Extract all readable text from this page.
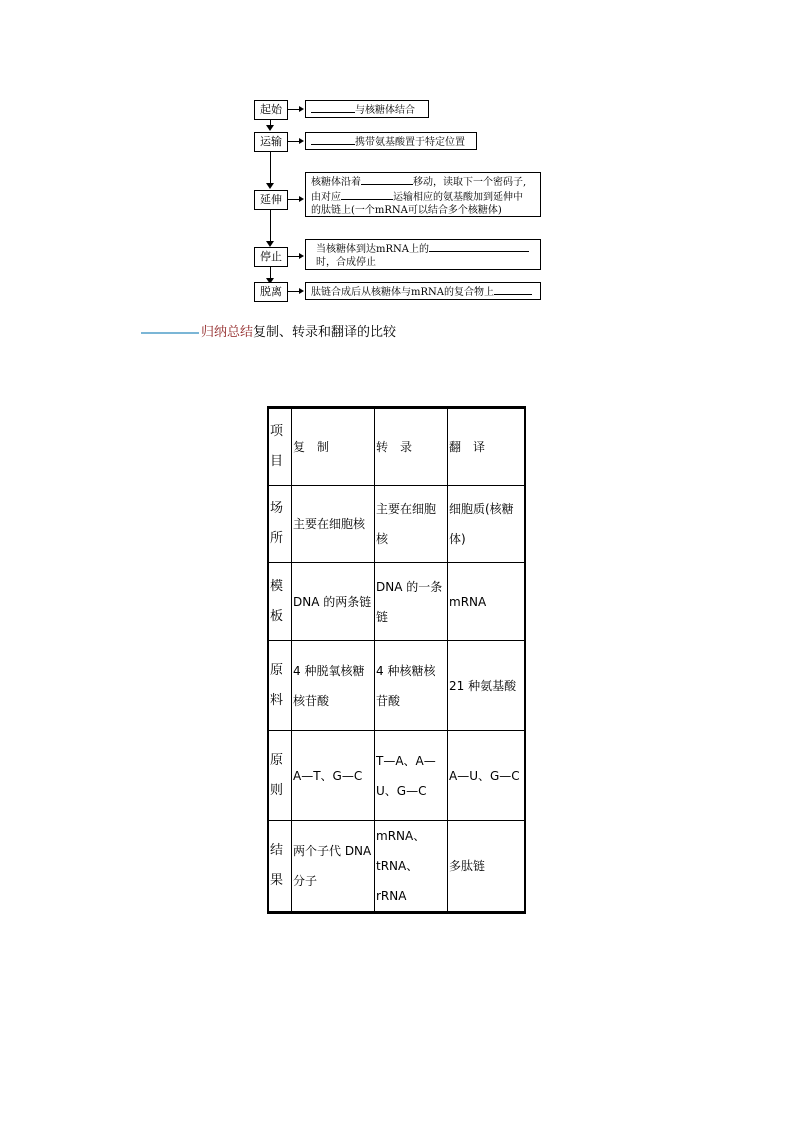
起始
运输
延伸
停止
脱离
与核糖体结合
携带氨基酸置于特定位置
核糖体沿着	移动，读取下一个密码子,
由对应	运输相应的氨基酸加到延伸中
的肽链上(一个mRNA可以结合多个核糖体)
当核糖体到达mRNA上的
时，合成停止
肽链合成后从核糖体与mRNA的复合物上
归纳总结复制、转录和翻译的比较
项目	复　制	转　录	翻　译
场所	主要在细胞核	主要在细胞核	细胞质(核糖体)
模板	DNA 的两条链	DNA 的一条链	mRNA
原料	4 种脱氧核糖核苷酸	4 种核糖核苷酸	21 种氨基酸
原则	A—T、G—C	T—A、A—U、G—C	A—U、G—C
结果	两个子代 DNA 分子	mRNA、tRNA、rRNA	多肽链
